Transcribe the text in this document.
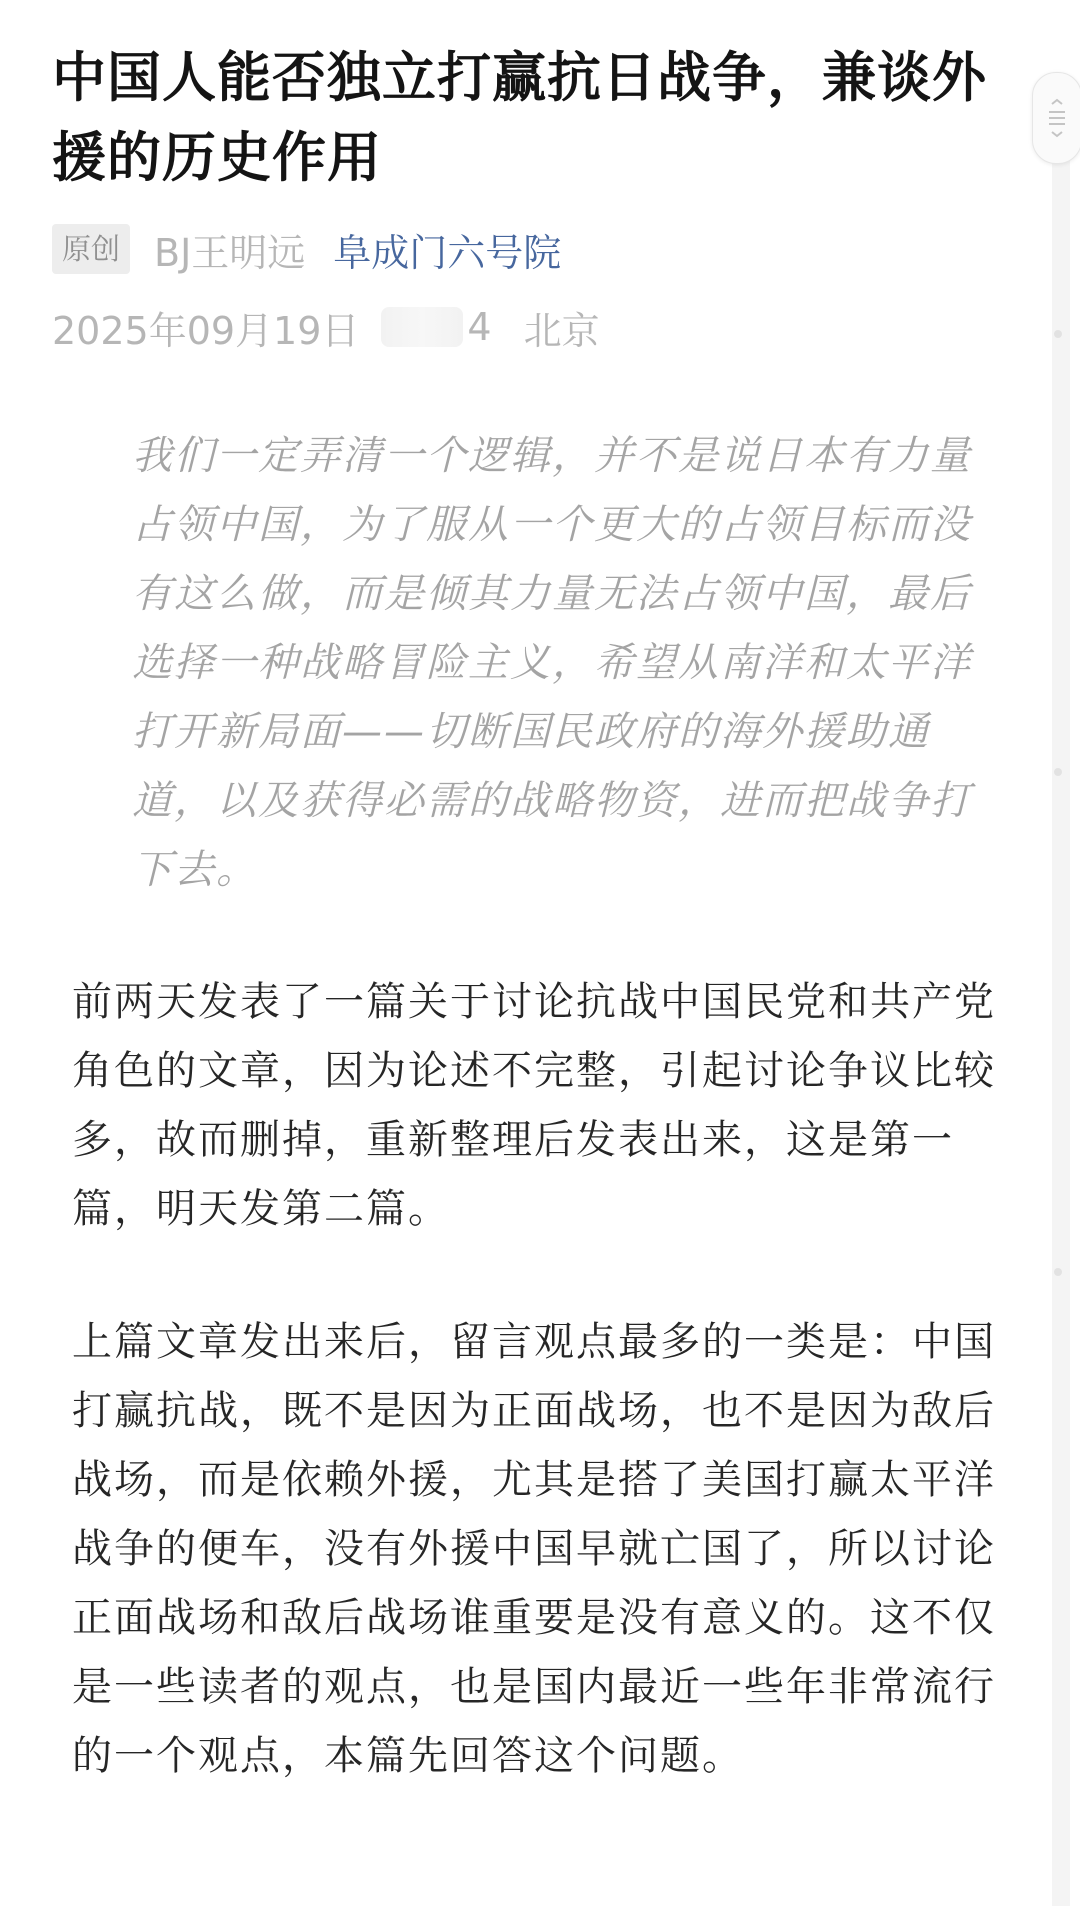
中国人能否独立打赢抗日战争，兼谈外援的历史作用
原创 BJ王明远 阜成门六号院
2025年09月19日	4 北京
我们一定弄清一个逻辑，并不是说日本有力量占领中国，为了服从一个更大的占领目标而没有这么做，而是倾其力量无法占领中国，最后选择一种战略冒险主义，希望从南洋和太平洋打开新局面——切断国民政府的海外援助通道，以及获得必需的战略物资，进而把战争打下去。
前两天发表了一篇关于讨论抗战中国民党和共产党角色的文章，因为论述不完整，引起讨论争议比较多，故而删掉，重新整理后发表出来，这是第一篇，明天发第二篇。
上篇文章发出来后，留言观点最多的一类是：中国打赢抗战，既不是因为正面战场，也不是因为敌后战场，而是依赖外援，尤其是搭了美国打赢太平洋战争的便车，没有外援中国早就亡国了，所以讨论正面战场和敌后战场谁重要是没有意义的。这不仅是一些读者的观点，也是国内最近一些年非常流行的一个观点，本篇先回答这个问题。
